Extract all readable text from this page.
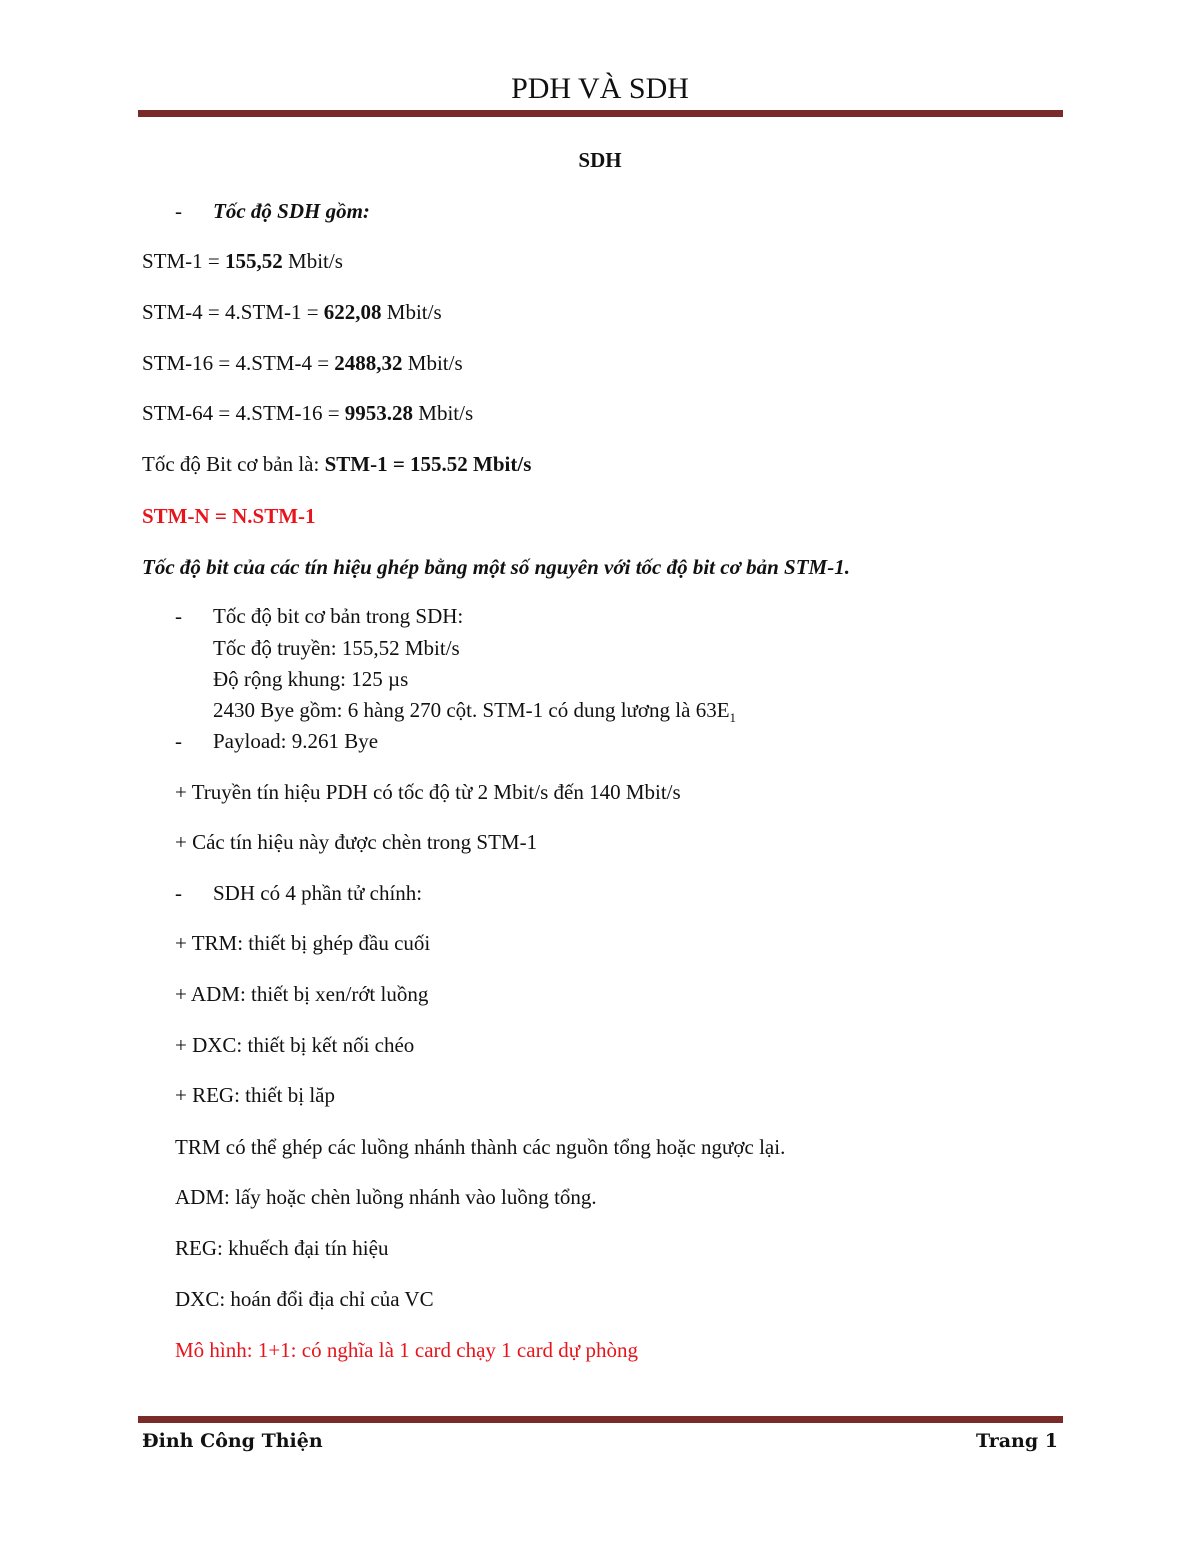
PDH VÀ SDH
SDH
- Tốc độ SDH gồm:
STM-1 = 155,52 Mbit/s
STM-4 = 4.STM-1 = 622,08 Mbit/s
STM-16 = 4.STM-4 = 2488,32 Mbit/s
STM-64 = 4.STM-16 = 9953.28 Mbit/s
Tốc độ Bit cơ bản là: STM-1 = 155.52 Mbit/s
STM-N = N.STM-1
Tốc độ bit của các tín hiệu ghép bằng một số nguyên với tốc độ bit cơ bản STM-1.
- Tốc độ bit cơ bản trong SDH:
Tốc độ truyền: 155,52 Mbit/s
Độ rộng khung: 125 µs
2430 Bye gồm: 6 hàng 270 cột. STM-1 có dung lương là $63E_1$
- Payload: 9.261 Bye
+ Truyền tín hiệu PDH có tốc độ từ 2 Mbit/s đến 140 Mbit/s
+ Các tín hiệu này được chèn trong STM-1
- SDH có 4 phần tử chính:
+ TRM: thiết bị ghép đầu cuối
+ ADM: thiết bị xen/rớt luồng
+ DXC: thiết bị kết nối chéo
+ REG: thiết bị lăp
TRM có thể ghép các luồng nhánh thành các nguồn tổng hoặc ngược lại.
ADM: lấy hoặc chèn luồng nhánh vào luồng tổng.
REG: khuếch đại tín hiệu
DXC: hoán đổi địa chỉ của VC
Mô hình: 1+1: có nghĩa là 1 card chạy 1 card dự phòng
Đinh Công Thiện	Trang 1
